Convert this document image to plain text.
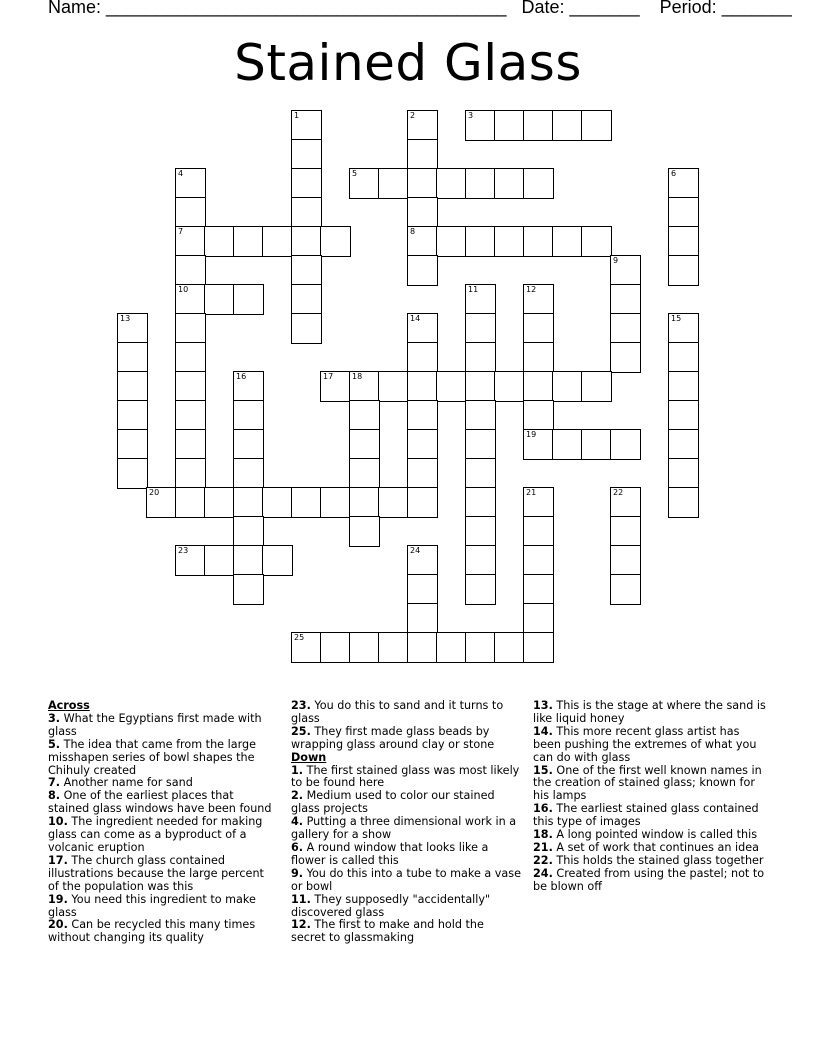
Name: ________________________________________ Date: _______ Period: _______
Stained Glass
1	2	3
4	5	6
7	8
9
10	11	12
13	14	15
16	17 18
19
20	21	22
23	24
25
Across
3. What the Egyptians first made with glass
5. The idea that came from the large misshapen series of bowl shapes the Chihuly created
7. Another name for sand
8. One of the earliest places that stained glass windows have been found
10. The ingredient needed for making glass can come as a byproduct of a volcanic eruption
17. The church glass contained illustrations because the large percent of the population was this
19. You need this ingredient to make glass
20. Can be recycled this many times without changing its quality
23. You do this to sand and it turns to glass
25. They first made glass beads by wrapping glass around clay or stone
Down
1. The first stained glass was most likely to be found here
2. Medium used to color our stained glass projects
4. Putting a three dimensional work in a gallery for a show
6. A round window that looks like a flower is called this
9. You do this into a tube to make a vase or bowl
11. They supposedly "accidentally" discovered glass
12. The first to make and hold the secret to glassmaking
13. This is the stage at where the sand is like liquid honey
14. This more recent glass artist has been pushing the extremes of what you can do with glass
15. One of the first well known names in the creation of stained glass; known for his lamps
16. The earliest stained glass contained this type of images
18. A long pointed window is called this
21. A set of work that continues an idea
22. This holds the stained glass together
24. Created from using the pastel; not to be blown off
